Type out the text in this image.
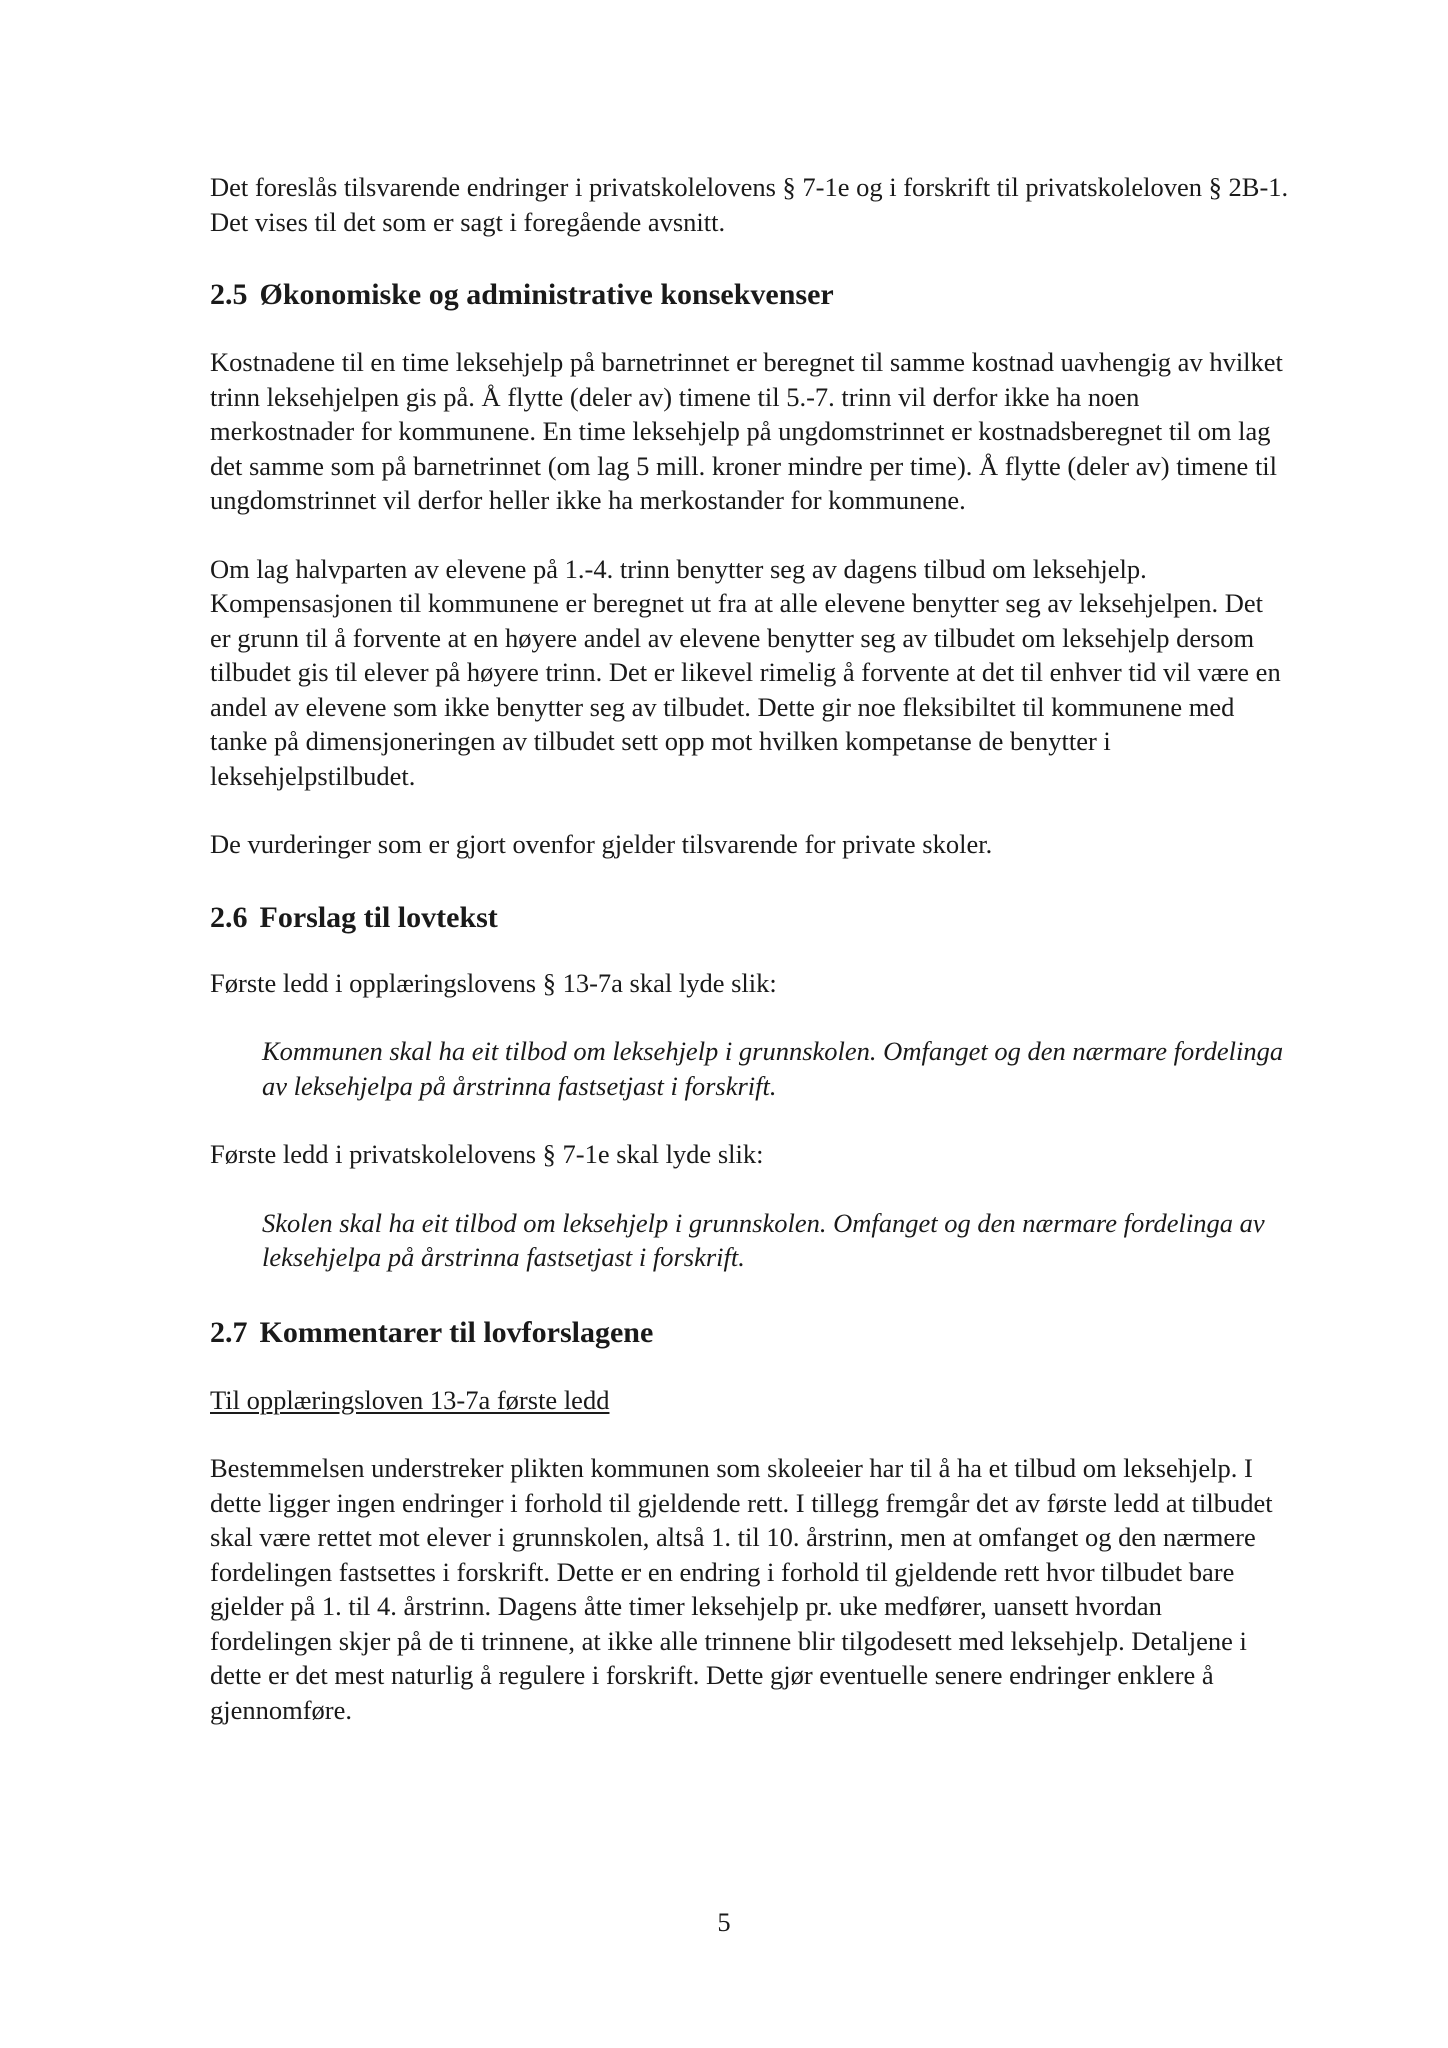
Det foreslås tilsvarende endringer i privatskolelovens § 7-1e og i forskrift til privatskoleloven § 2B-1. Det vises til det som er sagt i foregående avsnitt.

2.5 Økonomiske og administrative konsekvenser

Kostnadene til en time leksehjelp på barnetrinnet er beregnet til samme kostnad uavhengig av hvilket trinn leksehjelpen gis på. Å flytte (deler av) timene til 5.-7. trinn vil derfor ikke ha noen merkostnader for kommunene. En time leksehjelp på ungdomstrinnet er kostnadsberegnet til om lag det samme som på barnetrinnet (om lag 5 mill. kroner mindre per time). Å flytte (deler av) timene til ungdomstrinnet vil derfor heller ikke ha merkostander for kommunene.

Om lag halvparten av elevene på 1.-4. trinn benytter seg av dagens tilbud om leksehjelp. Kompensasjonen til kommunene er beregnet ut fra at alle elevene benytter seg av leksehjelpen. Det er grunn til å forvente at en høyere andel av elevene benytter seg av tilbudet om leksehjelp dersom tilbudet gis til elever på høyere trinn. Det er likevel rimelig å forvente at det til enhver tid vil være en andel av elevene som ikke benytter seg av tilbudet. Dette gir noe fleksibiltet til kommunene med tanke på dimensjoneringen av tilbudet sett opp mot hvilken kompetanse de benytter i leksehjelpstilbudet.

De vurderinger som er gjort ovenfor gjelder tilsvarende for private skoler.

2.6 Forslag til lovtekst

Første ledd i opplæringslovens § 13-7a skal lyde slik:

Kommunen skal ha eit tilbod om leksehjelp i grunnskolen. Omfanget og den nærmare fordelinga av leksehjelpa på årstrinna fastsetjast i forskrift.

Første ledd i privatskolelovens § 7-1e skal lyde slik:

Skolen skal ha eit tilbod om leksehjelp i grunnskolen. Omfanget og den nærmare fordelinga av leksehjelpa på årstrinna fastsetjast i forskrift.

2.7 Kommentarer til lovforslagene

Til opplæringsloven 13-7a første ledd

Bestemmelsen understreker plikten kommunen som skoleeier har til å ha et tilbud om leksehjelp. I dette ligger ingen endringer i forhold til gjeldende rett. I tillegg fremgår det av første ledd at tilbudet skal være rettet mot elever i grunnskolen, altså 1. til 10. årstrinn, men at omfanget og den nærmere fordelingen fastsettes i forskrift. Dette er en endring i forhold til gjeldende rett hvor tilbudet bare gjelder på 1. til 4. årstrinn. Dagens åtte timer leksehjelp pr. uke medfører, uansett hvordan fordelingen skjer på de ti trinnene, at ikke alle trinnene blir tilgodesett med leksehjelp. Detaljene i dette er det mest naturlig å regulere i forskrift. Dette gjør eventuelle senere endringer enklere å gjennomføre.

5
